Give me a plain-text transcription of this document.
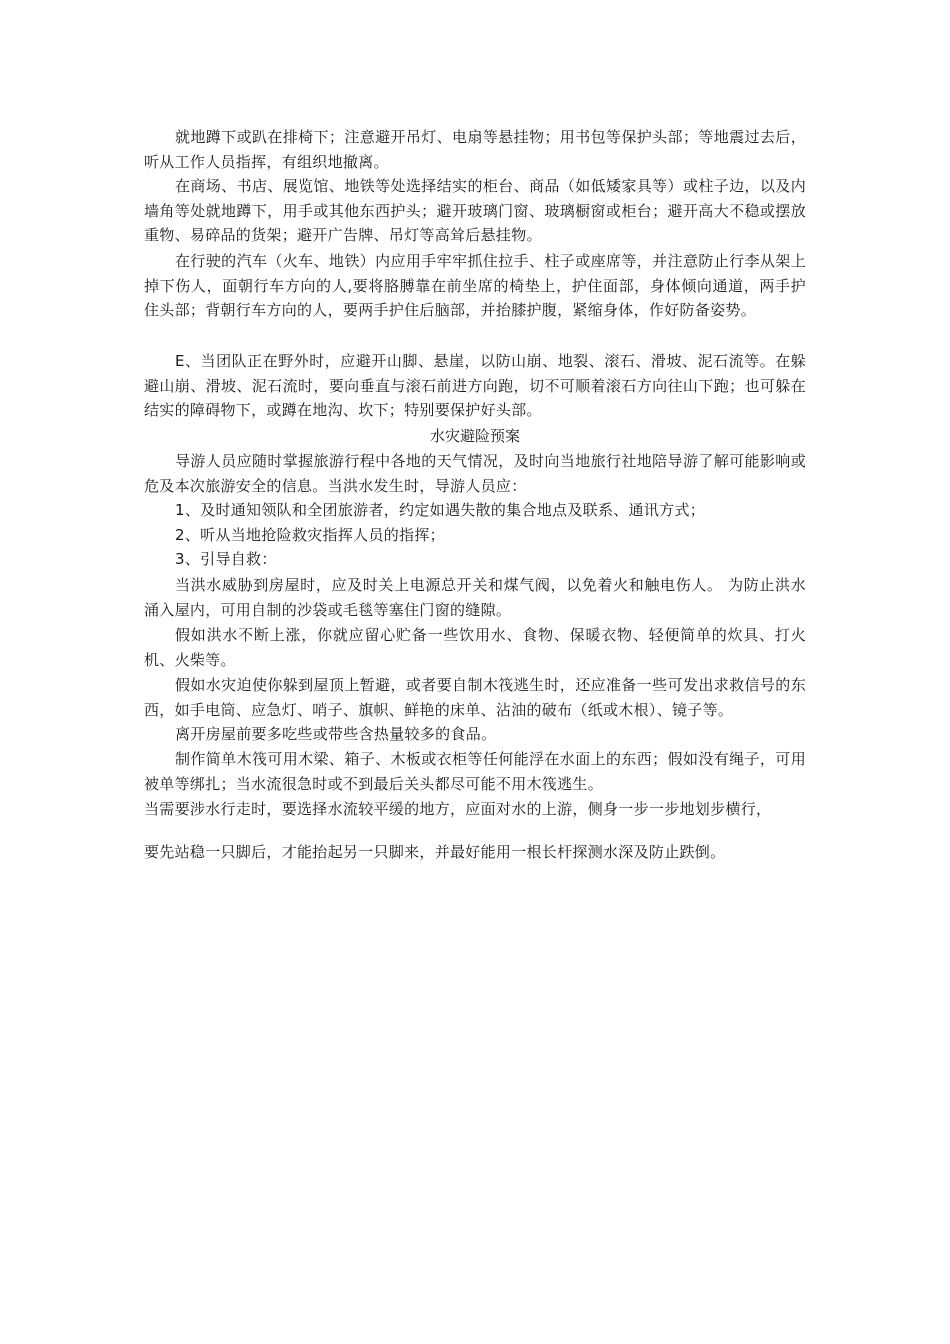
就地蹲下或趴在排椅下；注意避开吊灯、电扇等悬挂物；用书包等保护头部；等地震过去后，听从工作人员指挥，有组织地撤离。

在商场、书店、展览馆、地铁等处选择结实的柜台、商品（如低矮家具等）或柱子边，以及内墙角等处就地蹲下，用手或其他东西护头；避开玻璃门窗、玻璃橱窗或柜台；避开高大不稳或摆放重物、易碎品的货架；避开广告牌、吊灯等高耸后悬挂物。

在行驶的汽车（火车、地铁）内应用手牢牢抓住拉手、柱子或座席等，并注意防止行李从架上掉下伤人，面朝行车方向的人,要将胳膊靠在前坐席的椅垫上，护住面部，身体倾向通道，两手护住头部；背朝行车方向的人，要两手护住后脑部，并抬膝护腹，紧缩身体，作好防备姿势。

E、当团队正在野外时，应避开山脚、悬崖，以防山崩、地裂、滚石、滑坡、泥石流等。在躲避山崩、滑坡、泥石流时，要向垂直与滚石前进方向跑，切不可顺着滚石方向往山下跑；也可躲在结实的障碍物下，或蹲在地沟、坎下；特别要保护好头部。

水灾避险预案

导游人员应随时掌握旅游行程中各地的天气情况，及时向当地旅行社地陪导游了解可能影响或危及本次旅游安全的信息。当洪水发生时，导游人员应：

1、及时通知领队和全团旅游者，约定如遇失散的集合地点及联系、通讯方式；

2、听从当地抢险救灾指挥人员的指挥；

3、引导自救：

当洪水威胁到房屋时，应及时关上电源总开关和煤气阀，以免着火和触电伤人。 为防止洪水涌入屋内，可用自制的沙袋或毛毯等塞住门窗的缝隙。

假如洪水不断上涨，你就应留心贮备一些饮用水、食物、保暖衣物、轻便简单的炊具、打火机、火柴等。

假如水灾迫使你躲到屋顶上暂避，或者要自制木筏逃生时，还应准备一些可发出求救信号的东西，如手电筒、应急灯、哨子、旗帜、鲜艳的床单、沾油的破布（纸或木根）、镜子等。

离开房屋前要多吃些或带些含热量较多的食品。

制作简单木筏可用木梁、箱子、木板或衣柜等任何能浮在水面上的东西；假如没有绳子，可用被单等绑扎；当水流很急时或不到最后关头都尽可能不用木筏逃生。

当需要涉水行走时，要选择水流较平缓的地方，应面对水的上游，侧身一步一步地划步横行，

要先站稳一只脚后，才能抬起另一只脚来，并最好能用一根长杆探测水深及防止跌倒。
